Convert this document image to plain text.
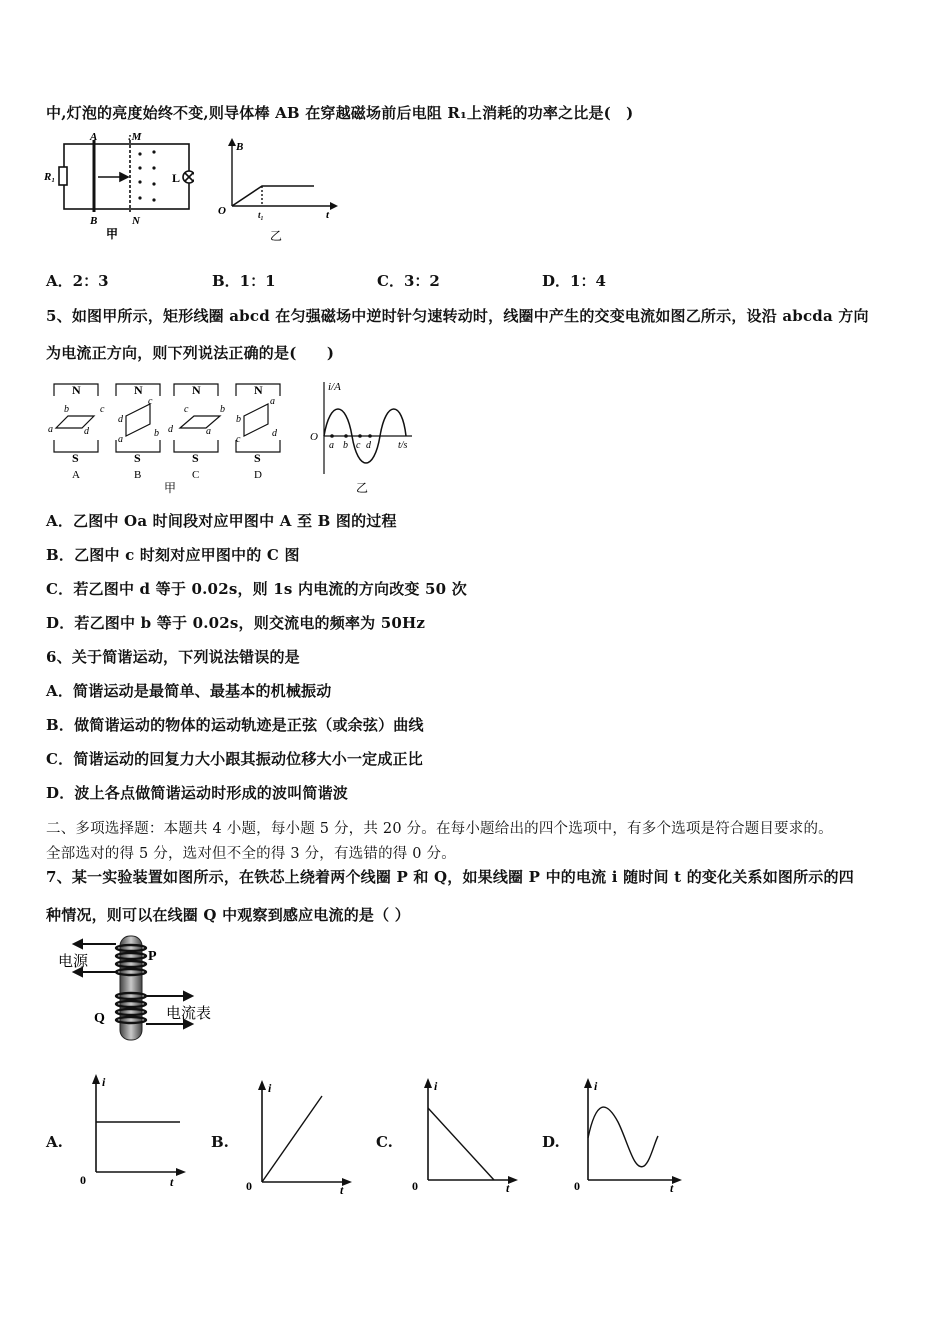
中,灯泡的亮度始终不变,则导体棒 AB 在穿越磁场前后电阻 R₁上消耗的功率之比是(　)
A	:M
B	N
R₁	L
甲
B
O	t₁	t
乙
A．2：3	B．1：1	C．3：2	D．1：4
5、如图甲所示，矩形线圈 abcd 在匀强磁场中逆时针匀速转动时，线圈中产生的交变电流如图乙所示，设沿 abcda 方向
为电流正方向，则下列说法正确的是(　　)
N	N	N	N
S	S	S	S
A	B	C	D
甲
a
b	c
d
a
b
c
d
d
c	b
a
c
d
a
b
i/A
O
a b c d	t/s
乙
A．乙图中 Oa 时间段对应甲图中 A 至 B 图的过程
B．乙图中 c 时刻对应甲图中的 C 图
C．若乙图中 d 等于 0.02s，则 1s 内电流的方向改变 50 次
D．若乙图中 b 等于 0.02s，则交流电的频率为 50Hz
6、关于简谐运动，下列说法错误的是
A．简谐运动是最简单、最基本的机械振动
B．做简谐运动的物体的运动轨迹是正弦（或余弦）曲线
C．简谐运动的回复力大小跟其振动位移大小一定成正比
D．波上各点做简谐运动时形成的波叫简谐波
二、多项选择题：本题共 4 小题，每小题 5 分，共 20 分。在每小题给出的四个选项中，有多个选项是符合题目要求的。
全部选对的得 5 分，选对但不全的得 3 分，有选错的得 0 分。
7、某一实验装置如图所示，在铁芯上绕着两个线圈 P 和 Q，如果线圈 P 中的电流 i 随时间 t 的变化关系如图所示的四
种情况，则可以在线圈 Q 中观察到感应电流的是（ ）
电源	P
Q	电流表
A.
i
0	t
B.
i
0	t
C.
i
0	t
D.
i
0	t
